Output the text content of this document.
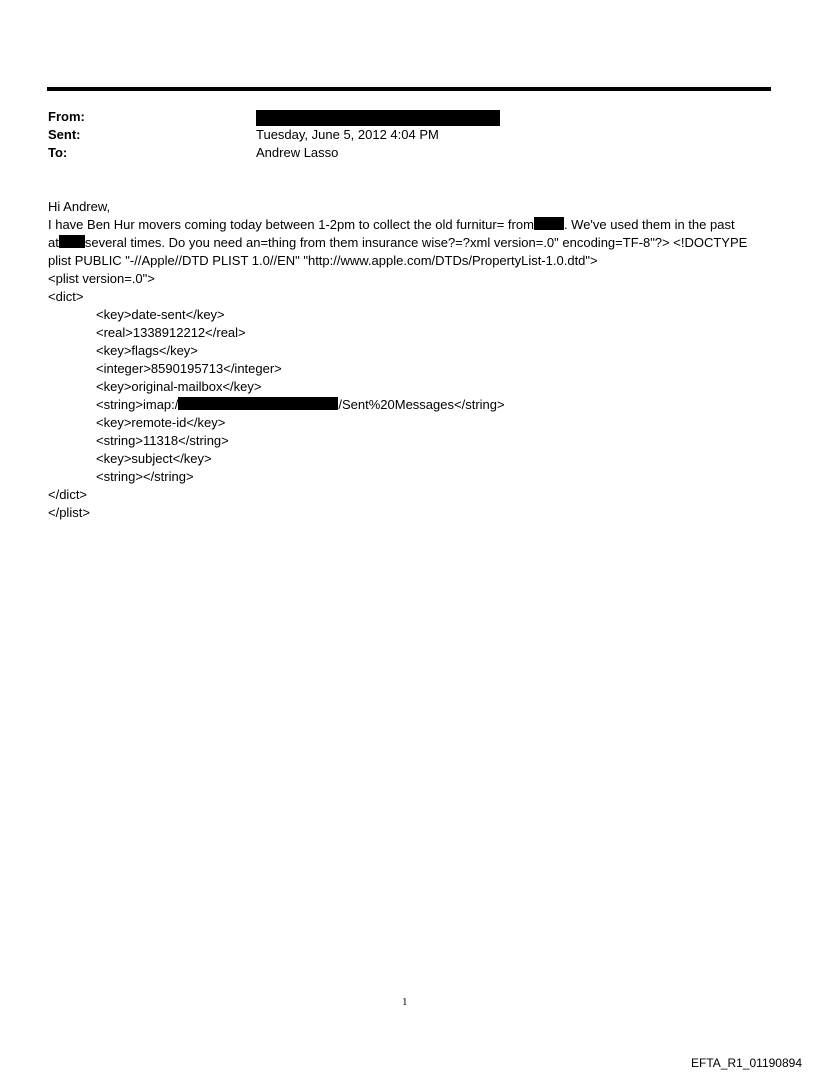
From:
Sent:	Tuesday, June 5, 2012 4:04 PM
To:	Andrew Lasso
Hi Andrew,
I have Ben Hur movers coming today between 1-2pm to collect the old furnitur= from . We've used them in the past
at several times. Do you need an=thing from them insurance wise?=?xml version=.0" encoding=TF-8"?> <!DOCTYPE
plist PUBLIC "-//Apple//DTD PLIST 1.0//EN" "http://www.apple.com/DTDs/PropertyList-1.0.dtd">
<plist version=.0">
<dict>
<key>date-sent</key>
<real>1338912212</real>
<key>flags</key>
<integer>8590195713</integer>
<key>original-mailbox</key>
<string>imap:/	/Sent%20Messages</string>
<key>remote-id</key>
<string>11318</string>
<key>subject</key>
<string></string>
</dict>
</plist>
1
EFTA_R1_01190894
